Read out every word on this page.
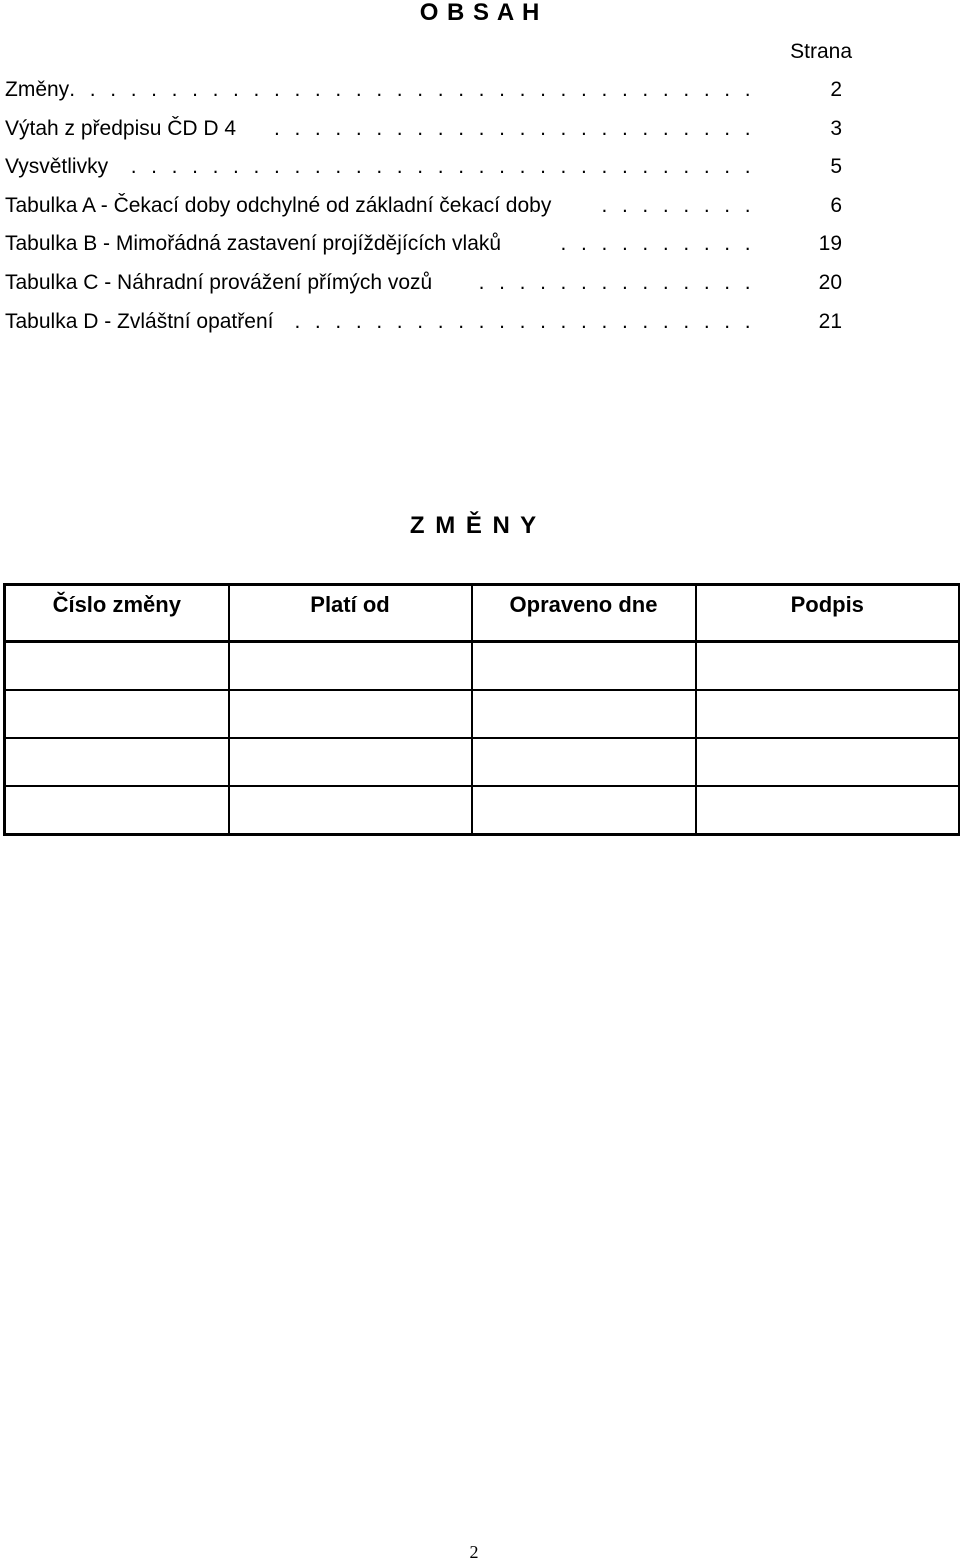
O B S A H
Strana
Změny . . . . . . . . . . . . . . . . . . . . . . . . . . . . . . . . . .	2
Výtah z předpisu ČD D 4 . . . . . . . . . . . . . . . . . . . . . . . .	3
Vysvětlivky . . . . . . . . . . . . . . . . . . . . . . . . . . . . . . .	5
Tabulka A - Čekací doby odchylné od základní čekací doby . . . . . . . .	6
Tabulka B - Mimořádná zastavení projíždějících vlaků	. . . . . . . . . .	19
Tabulka C - Náhradní provážení přímých vozů . . . . . . . . . . . . . .	20
Tabulka D - Zvláštní opatření . . . . . . . . . . . . . . . . . . . . . . .	21
Z M Ě N Y
Číslo změny	Platí od	Opraveno dne	Podpis

2
